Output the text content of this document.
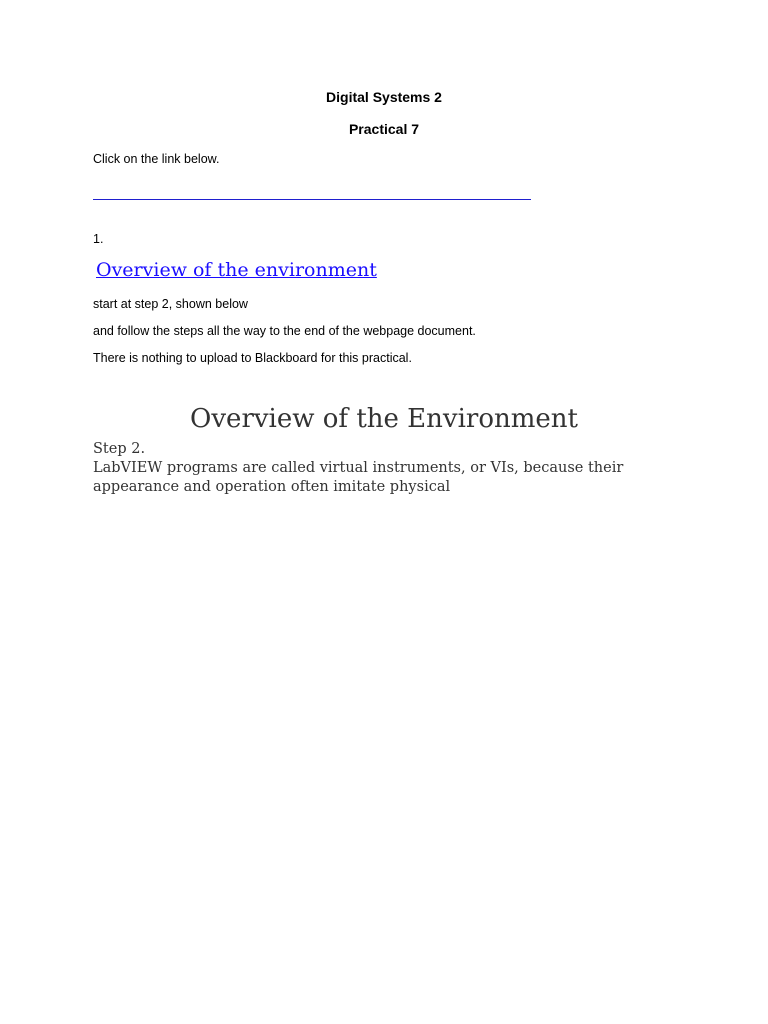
Digital Systems 2
Practical 7
Click on the link below.
1.
Overview of the environment
start at step 2, shown below
and follow the steps all the way to the end of the webpage document.
There is nothing to upload to Blackboard for this practical.
Overview of the Environment
Step 2.
LabVIEW programs are called virtual instruments, or VIs, because their
appearance and operation often imitate physical
